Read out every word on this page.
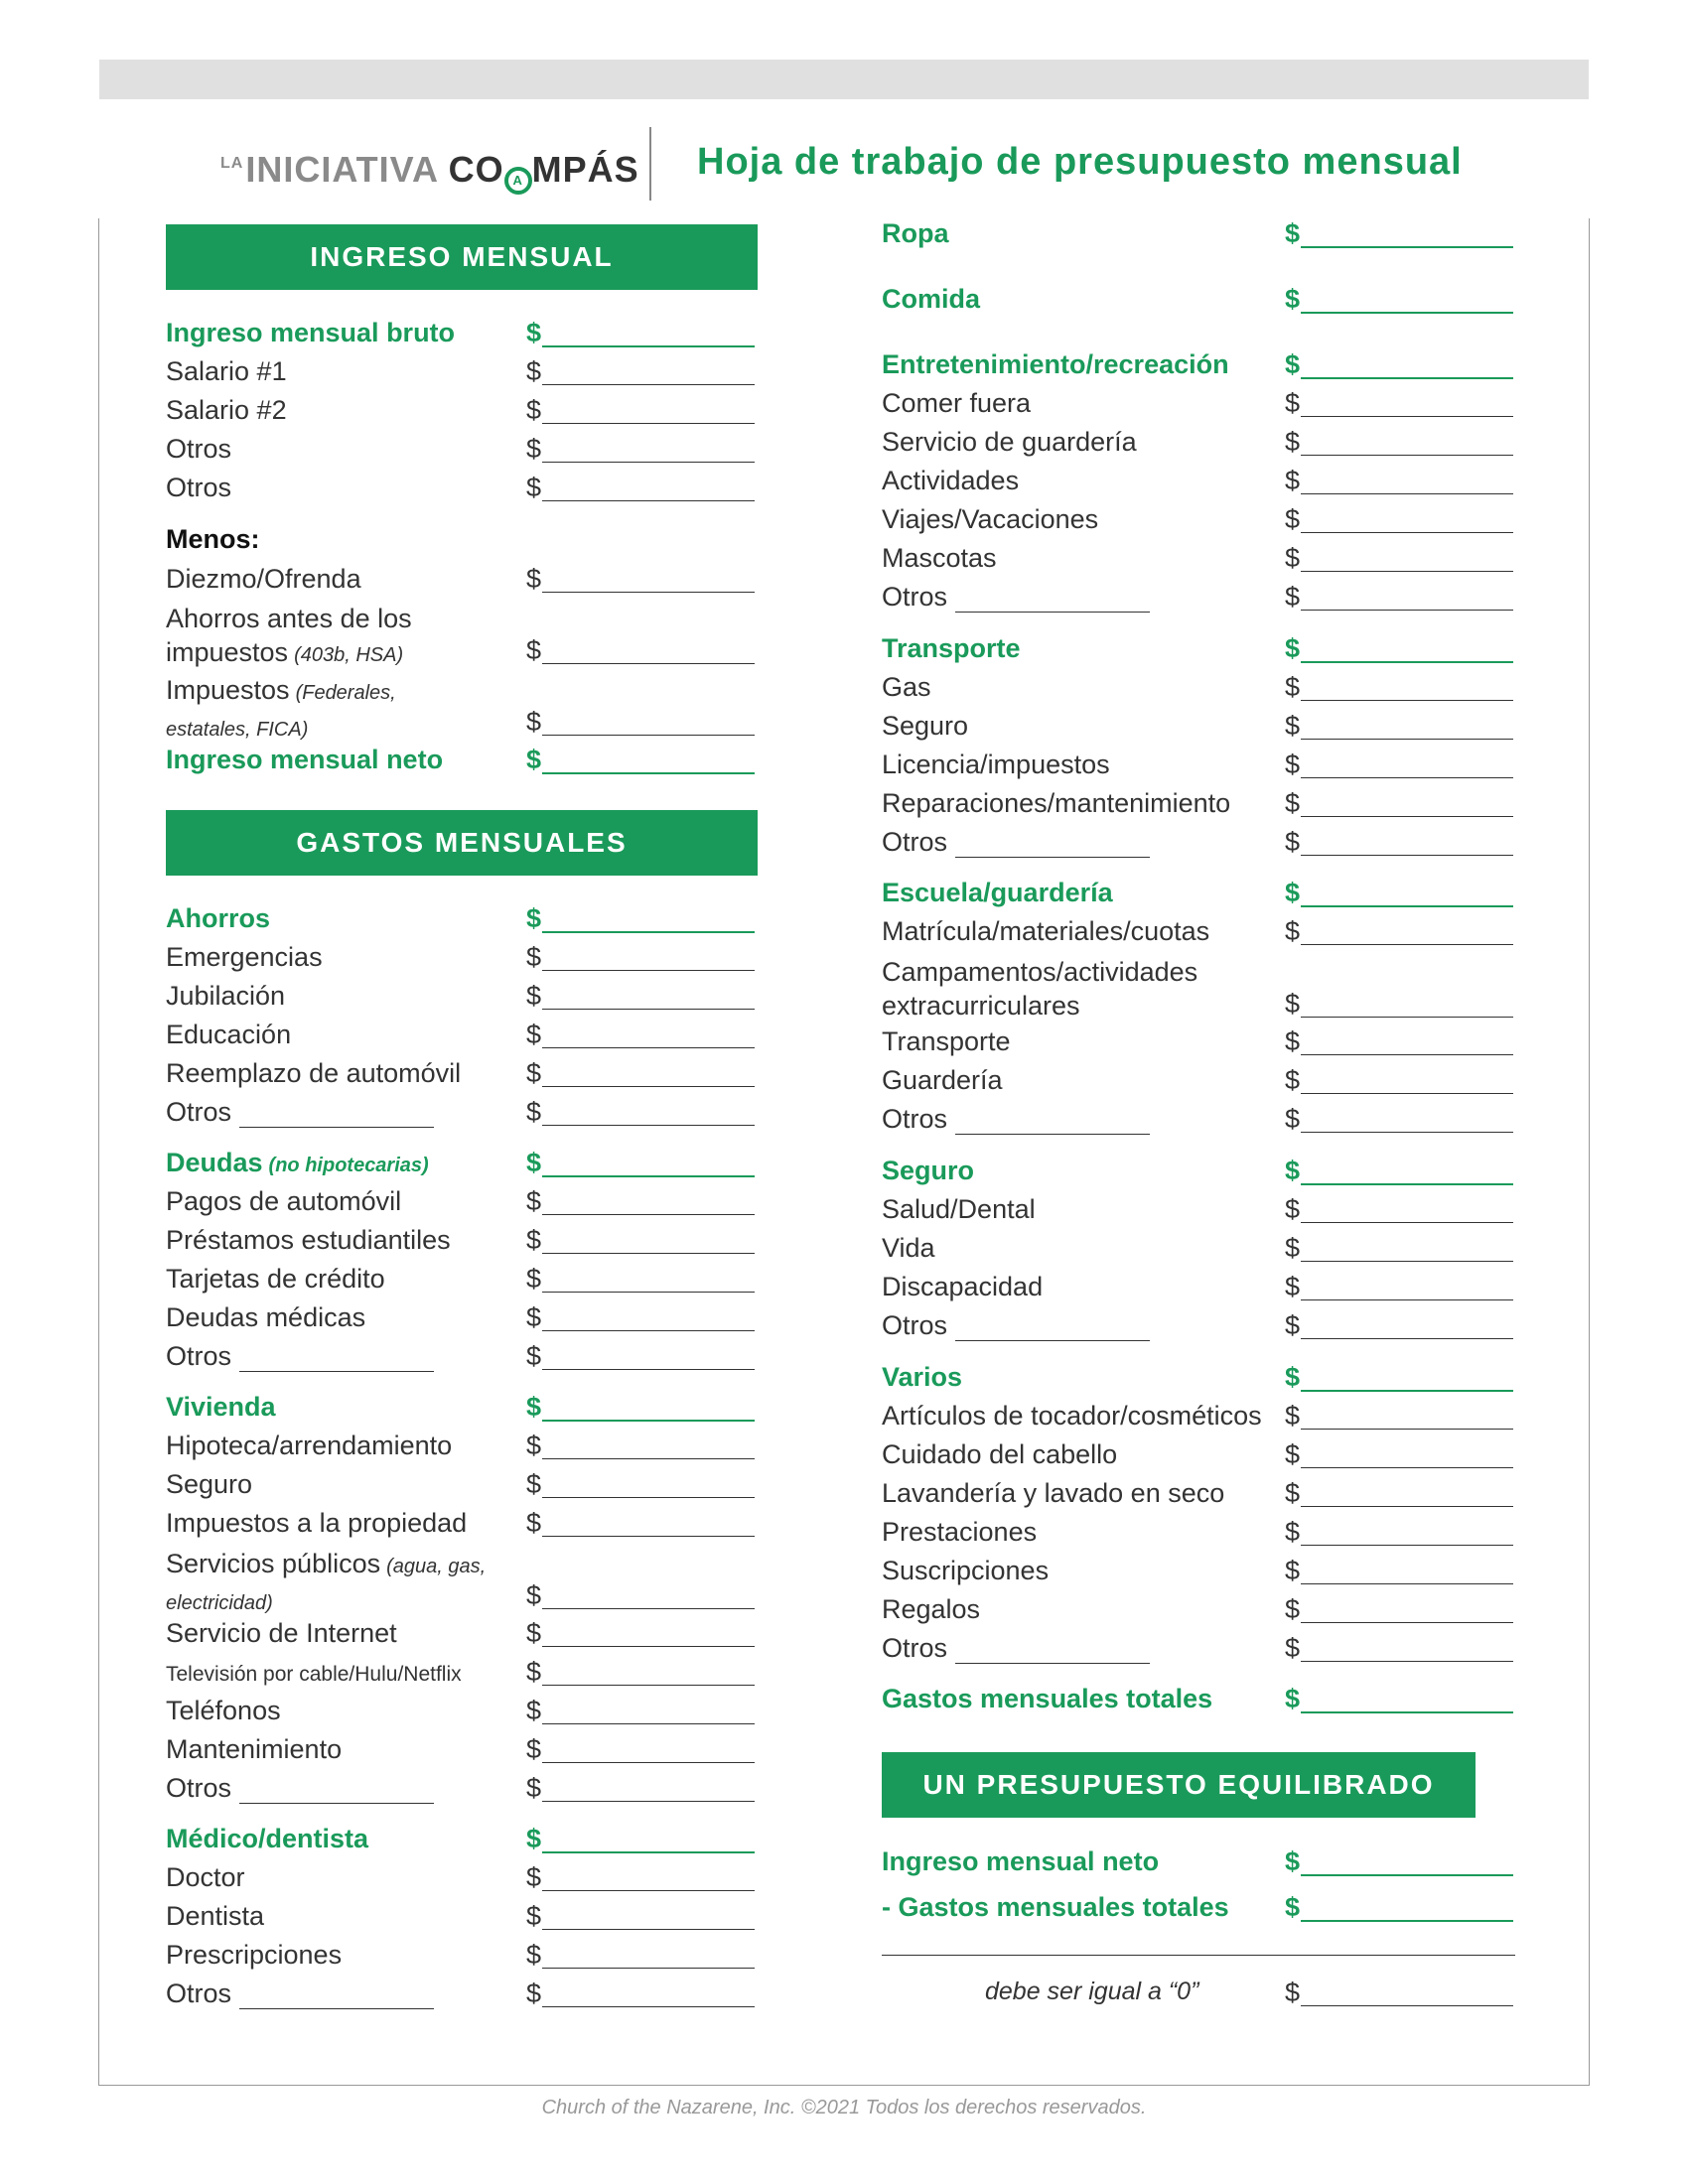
$^{LA}$INICIATIVA CO A MPÁS Hoja de trabajo de presupuesto mensual
INGRESO MENSUAL
Ingreso mensual bruto	$
Salario #1	$
Salario #2	$
Otros	$
Otros	$
Menos:
Diezmo/Ofrenda	$
Ahorros antes de los
impuestos (403b, HSA)	$
Impuestos (Federales,
estatales, FICA)	$
Ingreso mensual neto	$
GASTOS MENSUALES
Ahorros	$
Emergencias	$
Jubilación	$
Educación	$
Reemplazo de automóvil $
Otros	$
Deudas (no hipotecarias)	$
Pagos de automóvil	$
Préstamos estudiantiles	$
Tarjetas de crédito	$
Deudas médicas	$
Otros	$
Vivienda	$
Hipoteca/arrendamiento	$
Seguro	$
Impuestos a la propiedad $
Servicios públicos (agua, gas,
electricidad)	$
Servicio de Internet	$
Televisión por cable/Hulu/Netflix $
Teléfonos	$
Mantenimiento	$
Otros	$
Médico/dentista	$
Doctor	$
Dentista	$
Prescripciones	$
Otros	$
Ropa	$
Comida	$
Entretenimiento/recreación $
Comer fuera	$
Servicio de guardería	$
Actividades	$
Viajes/Vacaciones	$
Mascotas	$
Otros	$
Transporte	$
Gas	$
Seguro	$
Licencia/impuestos	$
Reparaciones/mantenimiento $
Otros	$
Escuela/guardería	$
Matrícula/materiales/cuotas	$
Campamentos/actividades
extracurriculares	$
Transporte	$
Guardería	$
Otros	$
Seguro	$
Salud/Dental	$
Vida	$
Discapacidad	$
Otros	$
Varios	$
Artículos de tocador/cosméticos $
Cuidado del cabello	$
Lavandería y lavado en seco $
Prestaciones	$
Suscripciones	$
Regalos	$
Otros	$
Gastos mensuales totales	$
UN PRESUPUESTO EQUILIBRADO
Ingreso mensual neto	$
- Gastos mensuales totales $
debe ser igual a “0”	$
Church of the Nazarene, Inc. ©2021 Todos los derechos reservados.
